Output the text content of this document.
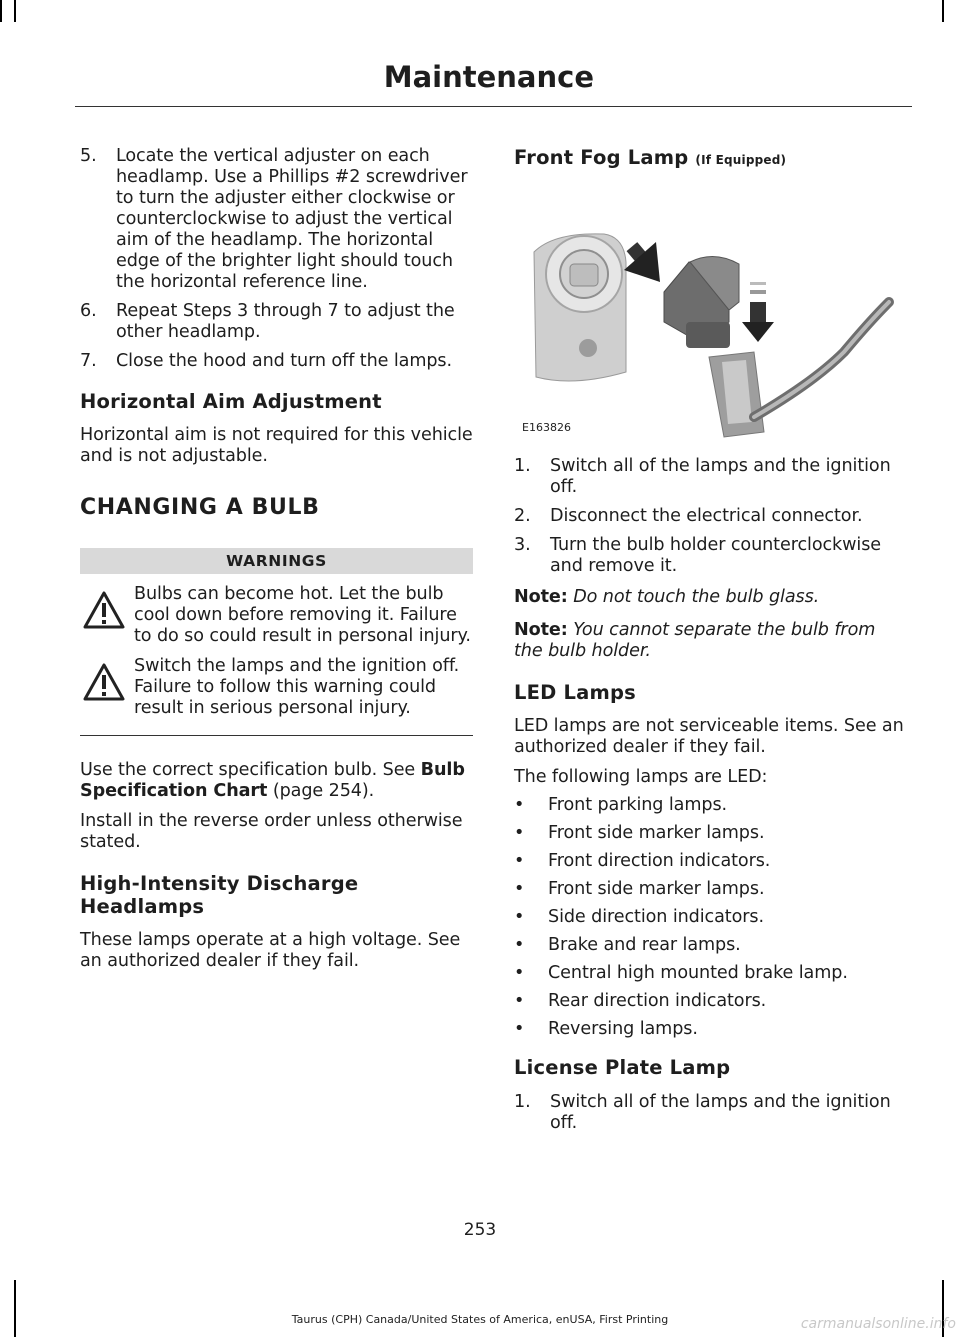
Maintenance
5. Locate the vertical adjuster on each headlamp. Use a Phillips #2 screwdriver to turn the adjuster either clockwise or counterclockwise to adjust the vertical aim of the headlamp. The horizontal edge of the brighter light should touch the horizontal reference line.
6. Repeat Steps 3 through 7 to adjust the other headlamp.
7. Close the hood and turn off the lamps.
Horizontal Aim Adjustment

Horizontal aim is not required for this vehicle and is not adjustable.

CHANGING A BULB
WARNINGS

Bulbs can become hot. Let the bulb cool down before removing it. Failure to do so could result in personal injury.

Switch the lamps and the ignition off. Failure to follow this warning could result in serious personal injury.

Use the correct specification bulb. See Bulb Specification Chart (page 254).

Install in the reverse order unless otherwise stated.

High-Intensity Discharge Headlamps

These lamps operate at a high voltage. See an authorized dealer if they fail.

Front Fog Lamp (If Equipped)
E163826
1. Switch all of the lamps and the ignition off.
2. Disconnect the electrical connector.
3. Turn the bulb holder counterclockwise and remove it.

Note: Do not touch the bulb glass.

Note: You cannot separate the bulb from the bulb holder.

LED Lamps

LED lamps are not serviceable items. See an authorized dealer if they fail.

The following lamps are LED:

• Front parking lamps.
• Front side marker lamps.
• Front direction indicators.
• Front side marker lamps.
• Side direction indicators.
• Brake and rear lamps.
• Central high mounted brake lamp.
• Rear direction indicators.
• Reversing lamps.
License Plate Lamp
1. Switch all of the lamps and the ignition off.
253
Taurus (CPH) Canada/United States of America, enUSA, First Printing	carmanualsonline.info
